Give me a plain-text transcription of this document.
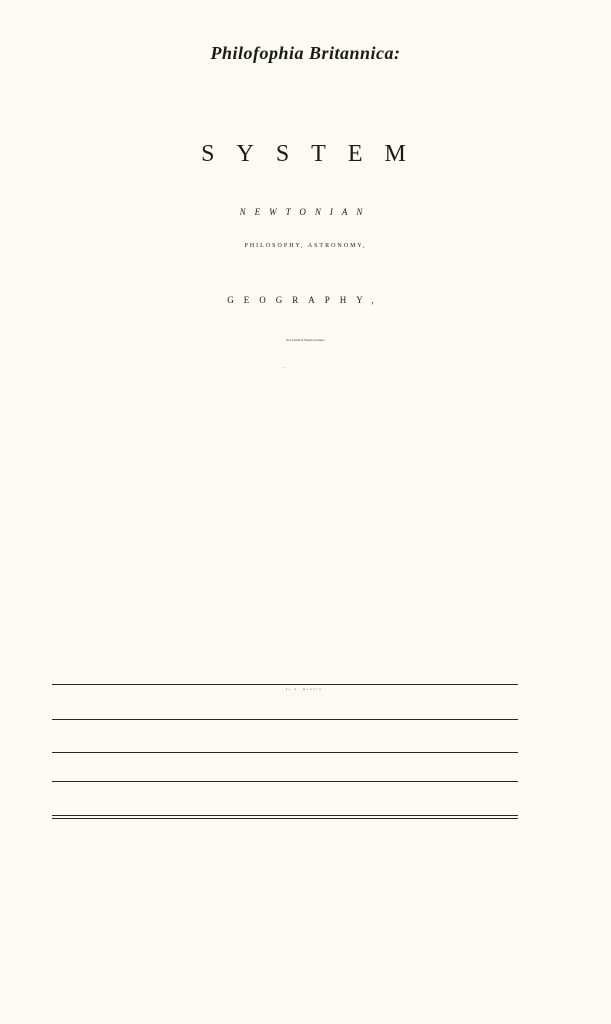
Philofophia Britannica:
SYSTEM
NEWTONIAN
PHILOSOPHY, ASTRONOMY,
GEOGRAPHY,
In a Courfe of Twelve Lectures,
With NOTES;
By B. MARTIN.
